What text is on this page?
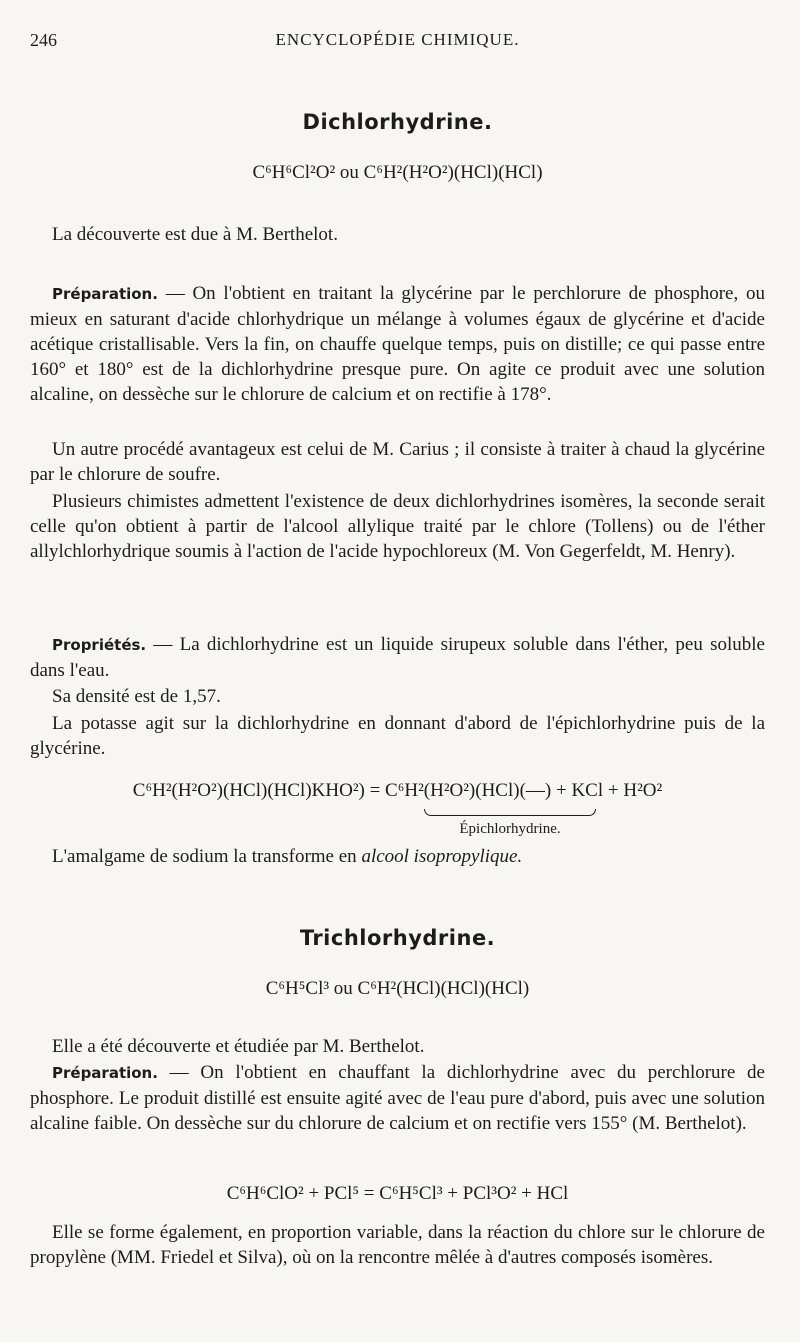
246	ENCYCLOPÉDIE CHIMIQUE.
Dichlorhydrine.
C⁶H⁶Cl²O² ou C⁶H²(H²O²)(HCl)(HCl)

La découverte est due à M. Berthelot.

Préparation. — On l'obtient en traitant la glycérine par le perchlorure de phosphore, ou mieux en saturant d'acide chlorhydrique un mélange à volumes égaux de glycérine et d'acide acétique cristallisable. Vers la fin, on chauffe quelque temps, puis on distille; ce qui passe entre 160° et 180° est de la dichlorhydrine presque pure. On agite ce produit avec une solution alcaline, on dessèche sur le chlorure de calcium et on rectifie à 178°.

Un autre procédé avantageux est celui de M. Carius ; il consiste à traiter à chaud la glycérine par le chlorure de soufre.

Plusieurs chimistes admettent l'existence de deux dichlorhydrines isomères, la seconde serait celle qu'on obtient à partir de l'alcool allylique traité par le chlore (Tollens) ou de l'éther allylchlorhydrique soumis à l'action de l'acide hypochloreux (M. Von Gegerfeldt, M. Henry).

Propriétés. — La dichlorhydrine est un liquide sirupeux soluble dans l'éther, peu soluble dans l'eau.

Sa densité est de 1,57.

La potasse agit sur la dichlorhydrine en donnant d'abord de l'épichlorhydrine puis de la glycérine.

C⁶H²(H²O²)(HCl)(HCl)KHO²) = C⁶H²(H²O²)(HCl)(—) + KCl + H²O²
Épichlorhydrine.

L'amalgame de sodium la transforme en alcool isopropylique.

Trichlorhydrine.
C⁶H⁵Cl³ ou C⁶H²(HCl)(HCl)(HCl)

Elle a été découverte et étudiée par M. Berthelot.

Préparation. — On l'obtient en chauffant la dichlorhydrine avec du perchlorure de phosphore. Le produit distillé est ensuite agité avec de l'eau pure d'abord, puis avec une solution alcaline faible. On dessèche sur du chlorure de calcium et on rectifie vers 155° (M. Berthelot).

C⁶H⁶ClO² + PCl⁵ = C⁶H⁵Cl³ + PCl³O² + HCl

Elle se forme également, en proportion variable, dans la réaction du chlore sur le chlorure de propylène (MM. Friedel et Silva), où on la rencontre mêlée à d'autres composés isomères.
